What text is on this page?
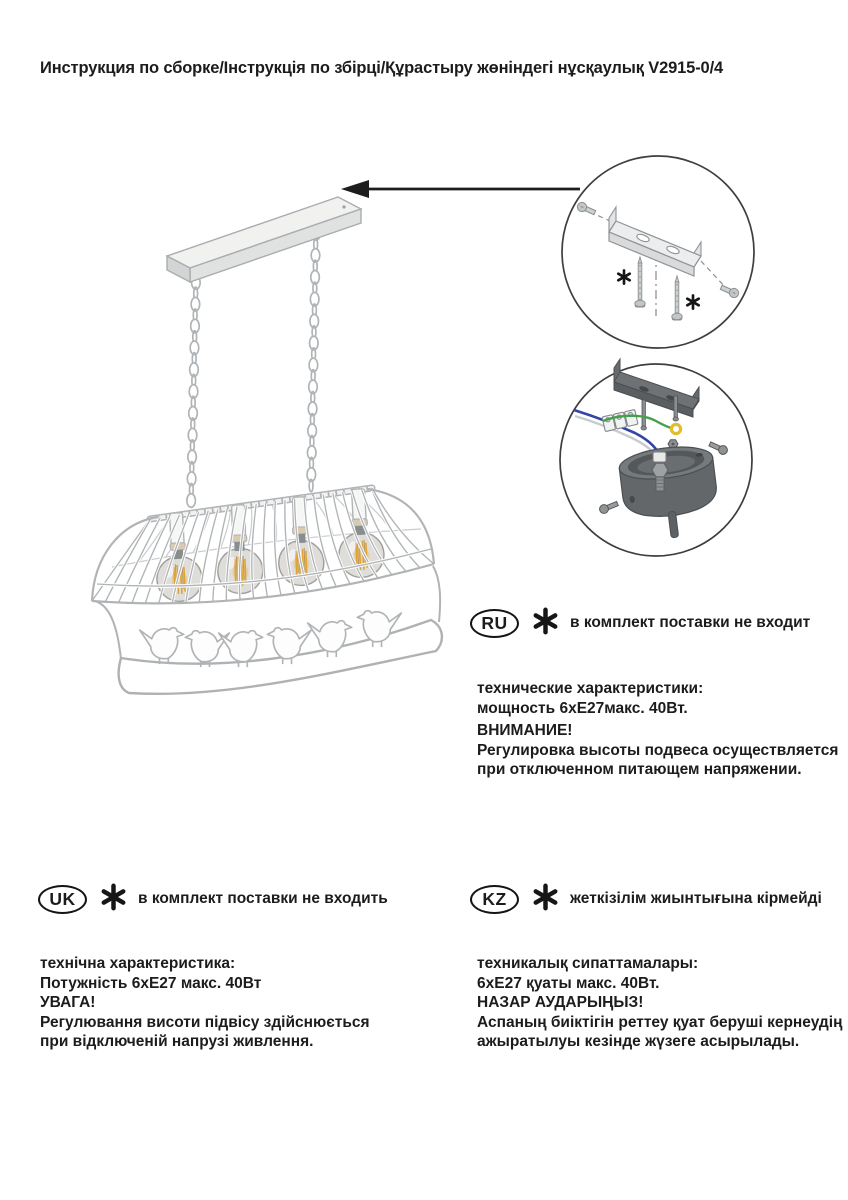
Инструкция по сборке/Інструкція по збірці/Құрастыру жөніндегі нұсқаулық V2915-0/4
RU	в комплект поставки не входит
технические характеристики:
мощность 6хЕ27макс. 40Вт.
ВНИМАНИЕ!
Регулировка высоты подвеса осуществляется
при отключенном питающем напряжении.
UK	в комплект поставки не входить
технічна характеристика:
Потужність 6хЕ27 макс. 40Вт
УВАГА!
Регулювання висоти підвісу здійснюється
при відключеній напрузі живлення.
KZ	жеткізілім жиынтығына кірмейді
техникалық сипаттамалары:
6хЕ27 қуаты макс. 40Вт.
НАЗАР АУДАРЫҢЫЗ!
Аспаның биіктігін реттеу қуат беруші кернеудің
ажыратылуы кезінде жүзеге асырылады.
